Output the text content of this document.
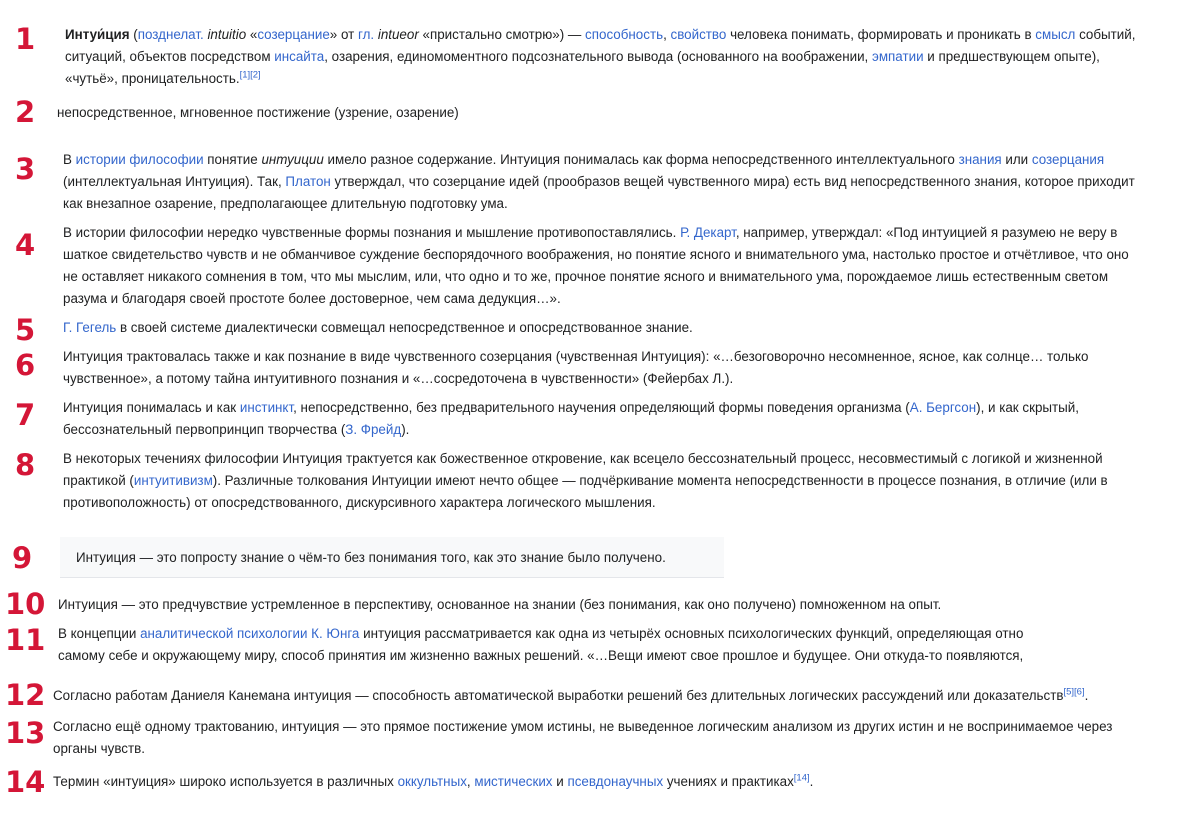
1
2
3
4
5
6
7
8
9
10
11
12
13
14
Интуи́ция (позднелат. intuitio «созерцание» от гл. intueor «пристально смотрю») — способность, свойство человека понимать, формировать и проникать в смысл событий,
ситуаций, объектов посредством инсайта, озарения, единомоментного подсознательного вывода (основанного на воображении, эмпатии и предшествующем опыте),
«чутьё», проницательность.[1][2]
непосредственное, мгновенное постижение (узрение, озарение)
В истории философии понятие интуиции имело разное содержание. Интуиция понималась как форма непосредственного интеллектуального знания или созерцания
(интеллектуальная Интуиция). Так, Платон утверждал, что созерцание идей (прообразов вещей чувственного мира) есть вид непосредственного знания, которое приходит
как внезапное озарение, предполагающее длительную подготовку ума.
В истории философии нередко чувственные формы познания и мышление противопоставлялись. Р. Декарт, например, утверждал: «Под интуицией я разумею не веру в
шаткое свидетельство чувств и не обманчивое суждение беспорядочного воображения, но понятие ясного и внимательного ума, настолько простое и отчётливое, что оно
не оставляет никакого сомнения в том, что мы мыслим, или, что одно и то же, прочное понятие ясного и внимательного ума, порождаемое лишь естественным светом
разума и благодаря своей простоте более достоверное, чем сама дедукция…».
Г. Гегель в своей системе диалектически совмещал непосредственное и опосредствованное знание.
Интуиция трактовалась также и как познание в виде чувственного созерцания (чувственная Интуиция): «…безоговорочно несомненное, ясное, как солнце… только
чувственное», а потому тайна интуитивного познания и «…сосредоточена в чувственности» (Фейербах Л.).
Интуиция понималась и как инстинкт, непосредственно, без предварительного научения определяющий формы поведения организма (А. Бергсон), и как скрытый,
бессознательный первопринцип творчества (З. Фрейд).
В некоторых течениях философии Интуиция трактуется как божественное откровение, как всецело бессознательный процесс, несовместимый с логикой и жизненной
практикой (интуитивизм). Различные толкования Интуиции имеют нечто общее — подчёркивание момента непосредственности в процессе познания, в отличие (или в
противоположность) от опосредствованного, дискурсивного характера логического мышления.
Интуиция — это попросту знание о чём-то без понимания того, как это знание было получено.
Интуиция — это предчувствие устремленное в перспективу, основанное на знании (без понимания, как оно получено) помноженном на опыт.
В концепции аналитической психологии К. Юнга интуиция рассматривается как одна из четырёх основных психологических функций, определяющая отно
самому себе и окружающему миру, способ принятия им жизненно важных решений. «…Вещи имеют свое прошлое и будущее. Они откуда-то появляются,
Согласно работам Даниеля Канемана интуиция — способность автоматической выработки решений без длительных логических рассуждений или доказательств[5][6].
Согласно ещё одному трактованию, интуиция — это прямое постижение умом истины, не выведенное логическим анализом из других истин и не воспринимаемое через
органы чувств.
Термин «интуиция» широко используется в различных оккультных, мистических и псевдонаучных учениях и практиках[14].
